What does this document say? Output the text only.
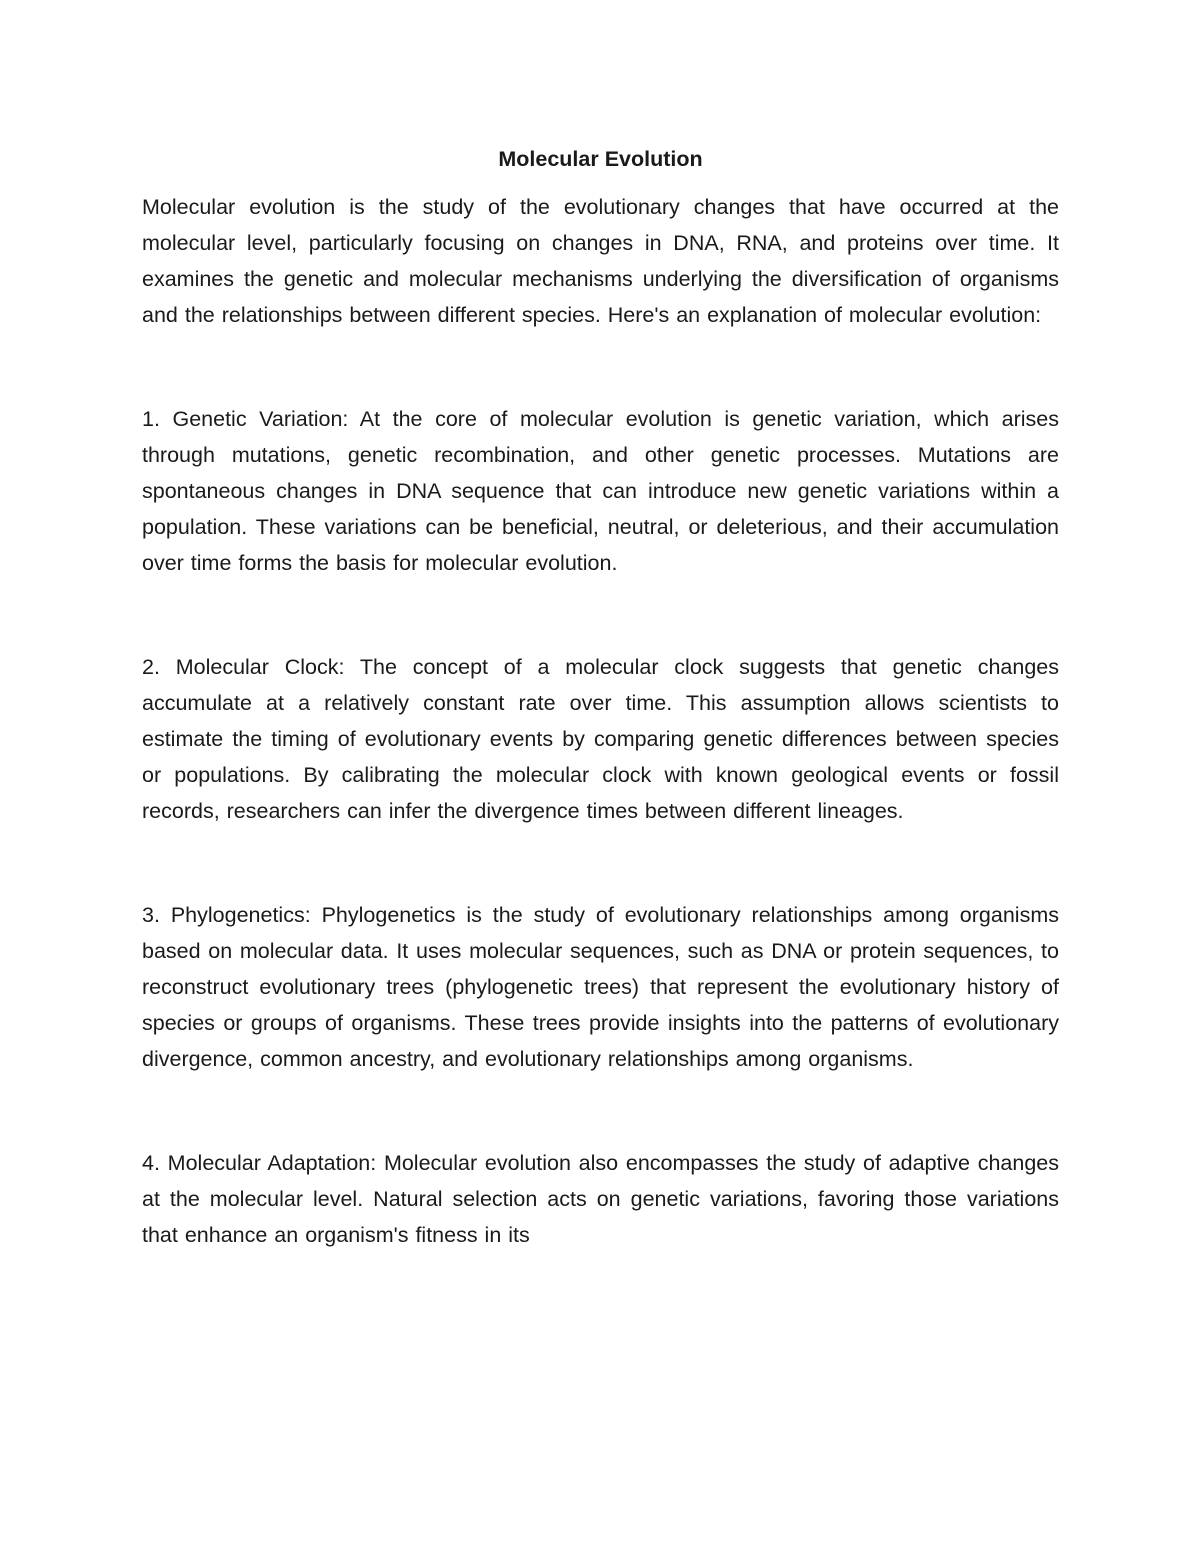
Molecular Evolution

Molecular evolution is the study of the evolutionary changes that have occurred at the molecular level, particularly focusing on changes in DNA, RNA, and proteins over time. It examines the genetic and molecular mechanisms underlying the diversification of organisms and the relationships between different species. Here's an explanation of molecular evolution:

1. Genetic Variation: At the core of molecular evolution is genetic variation, which arises through mutations, genetic recombination, and other genetic processes. Mutations are spontaneous changes in DNA sequence that can introduce new genetic variations within a population. These variations can be beneficial, neutral, or deleterious, and their accumulation over time forms the basis for molecular evolution.

2. Molecular Clock: The concept of a molecular clock suggests that genetic changes accumulate at a relatively constant rate over time. This assumption allows scientists to estimate the timing of evolutionary events by comparing genetic differences between species or populations. By calibrating the molecular clock with known geological events or fossil records, researchers can infer the divergence times between different lineages.

3. Phylogenetics: Phylogenetics is the study of evolutionary relationships among organisms based on molecular data. It uses molecular sequences, such as DNA or protein sequences, to reconstruct evolutionary trees (phylogenetic trees) that represent the evolutionary history of species or groups of organisms. These trees provide insights into the patterns of evolutionary divergence, common ancestry, and evolutionary relationships among organisms.

4. Molecular Adaptation: Molecular evolution also encompasses the study of adaptive changes at the molecular level. Natural selection acts on genetic variations, favoring those variations that enhance an organism's fitness in its
